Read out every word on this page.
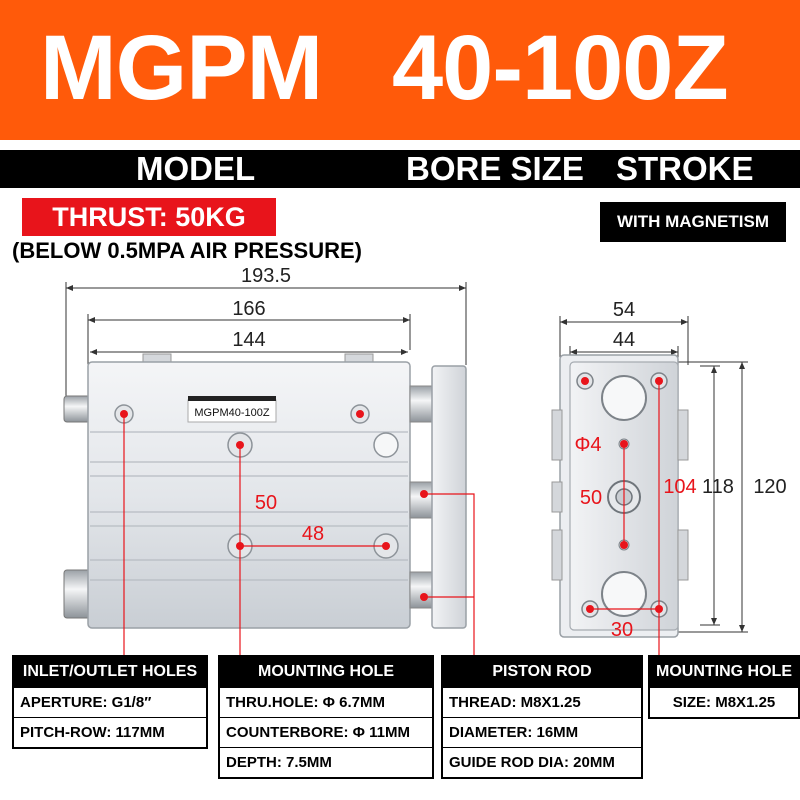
MGPM 40-100Z
MODEL	BORE SIZE STROKE
THRUST: 50KG
(BELOW 0.5MPA AIR PRESSURE)
WITH MAGNETISM
193.5
166
144
MGPM40-100Z
50
48
54
44
118 120
Φ4
50	104
30
INLET/OUTLET HOLES
APERTURE: G1/8′′
PITCH-ROW: 117MM
MOUNTING HOLE
THRU.HOLE: Φ 6.7MM
COUNTERBORE: Φ 11MM
DEPTH: 7.5MM
PISTON ROD
THREAD: M8X1.25
DIAMETER: 16MM
GUIDE ROD DIA: 20MM
MOUNTING HOLE
SIZE: M8X1.25
